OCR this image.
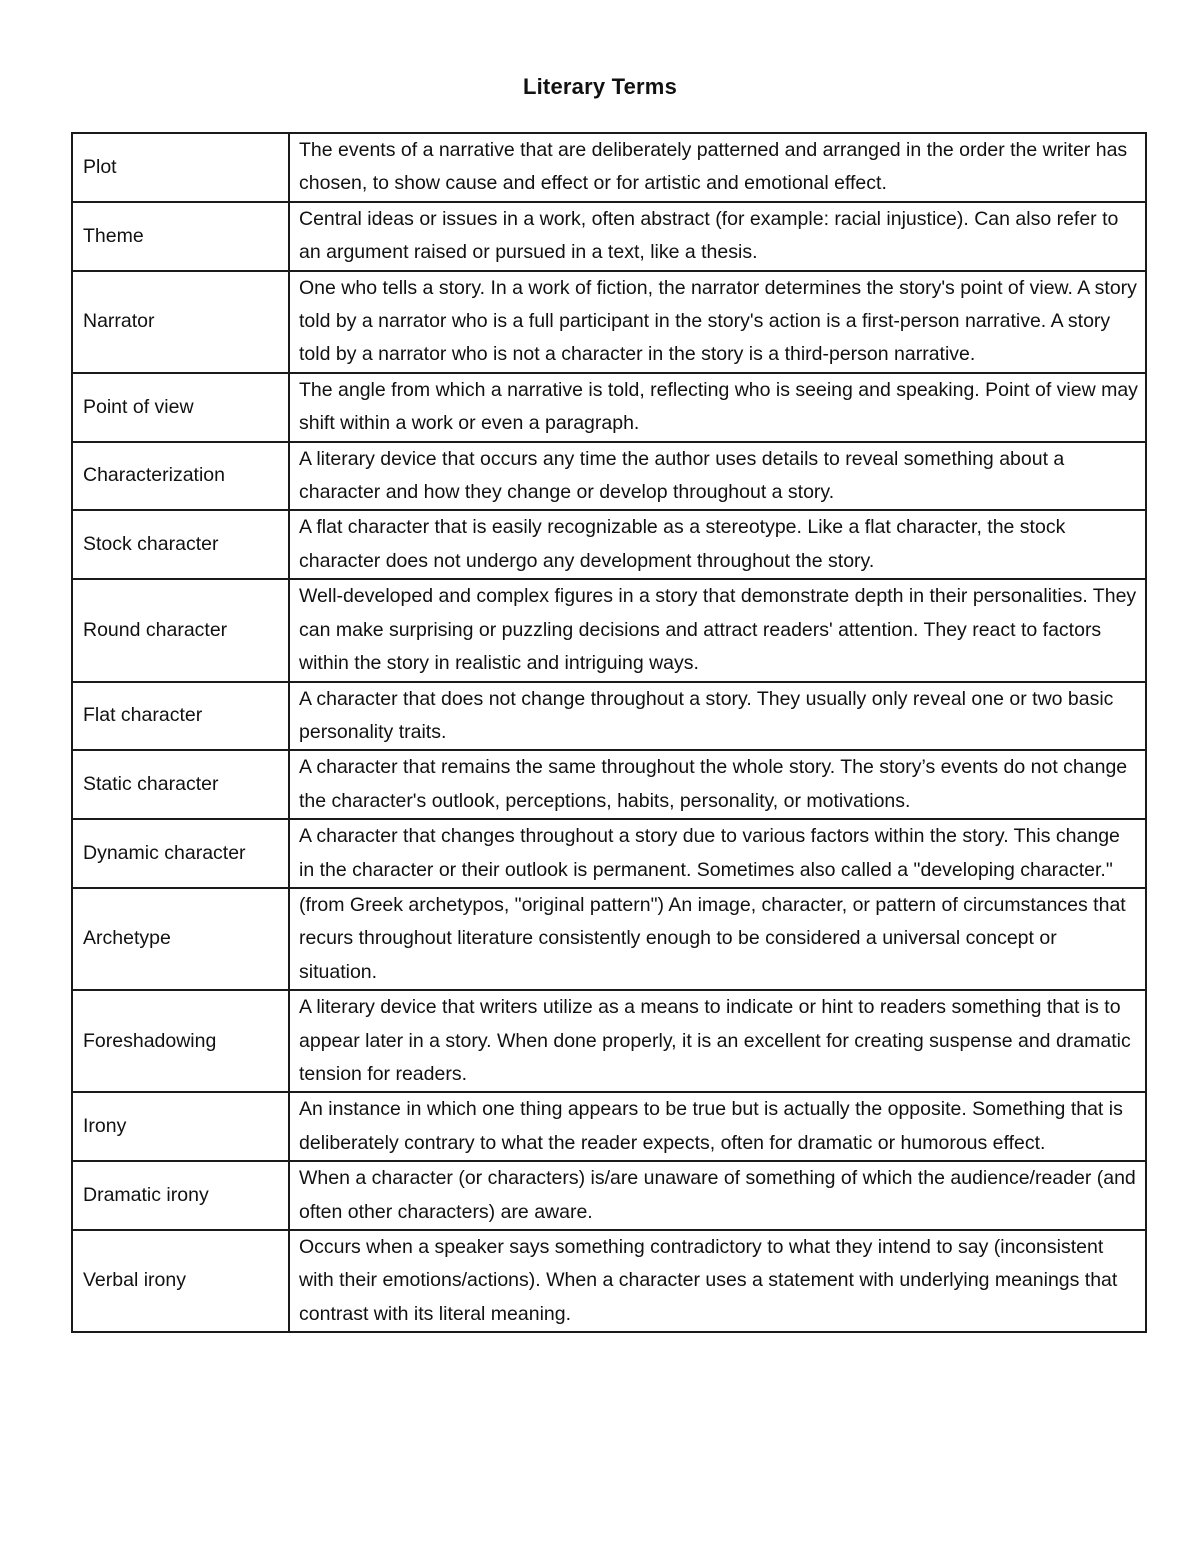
Literary Terms
Plot	The events of a narrative that are deliberately patterned and arranged in the order the writer has chosen, to show cause and effect or for artistic and emotional effect.
Theme	Central ideas or issues in a work, often abstract (for example: racial injustice). Can also refer to an argument raised or pursued in a text, like a thesis.
Narrator	One who tells a story. In a work of fiction, the narrator determines the story's point of view. A story told by a narrator who is a full participant in the story's action is a first-person narrative. A story told by a narrator who is not a character in the story is a third-person narrative.
Point of view	The angle from which a narrative is told, reflecting who is seeing and speaking. Point of view may shift within a work or even a paragraph.
Characterization	A literary device that occurs any time the author uses details to reveal something about a character and how they change or develop throughout a story.
Stock character	A flat character that is easily recognizable as a stereotype. Like a flat character, the stock character does not undergo any development throughout the story.
Round character	Well-developed and complex figures in a story that demonstrate depth in their personalities. They can make surprising or puzzling decisions and attract readers' attention. They react to factors within the story in realistic and intriguing ways.
Flat character	A character that does not change throughout a story. They usually only reveal one or two basic personality traits.
Static character	A character that remains the same throughout the whole story. The story’s events do not change the character's outlook, perceptions, habits, personality, or motivations.
Dynamic character	A character that changes throughout a story due to various factors within the story. This change in the character or their outlook is permanent. Sometimes also called a "developing character."
Archetype	(from Greek archetypos, "original pattern") An image, character, or pattern of circumstances that recurs throughout literature consistently enough to be considered a universal concept or situation.
Foreshadowing	A literary device that writers utilize as a means to indicate or hint to readers something that is to appear later in a story. When done properly, it is an excellent for creating suspense and dramatic tension for readers.
Irony	An instance in which one thing appears to be true but is actually the opposite. Something that is deliberately contrary to what the reader expects, often for dramatic or humorous effect.
Dramatic irony	When a character (or characters) is/are unaware of something of which the audience/reader (and often other characters) are aware.
Verbal irony	Occurs when a speaker says something contradictory to what they intend to say (inconsistent with their emotions/actions). When a character uses a statement with underlying meanings that contrast with its literal meaning.
